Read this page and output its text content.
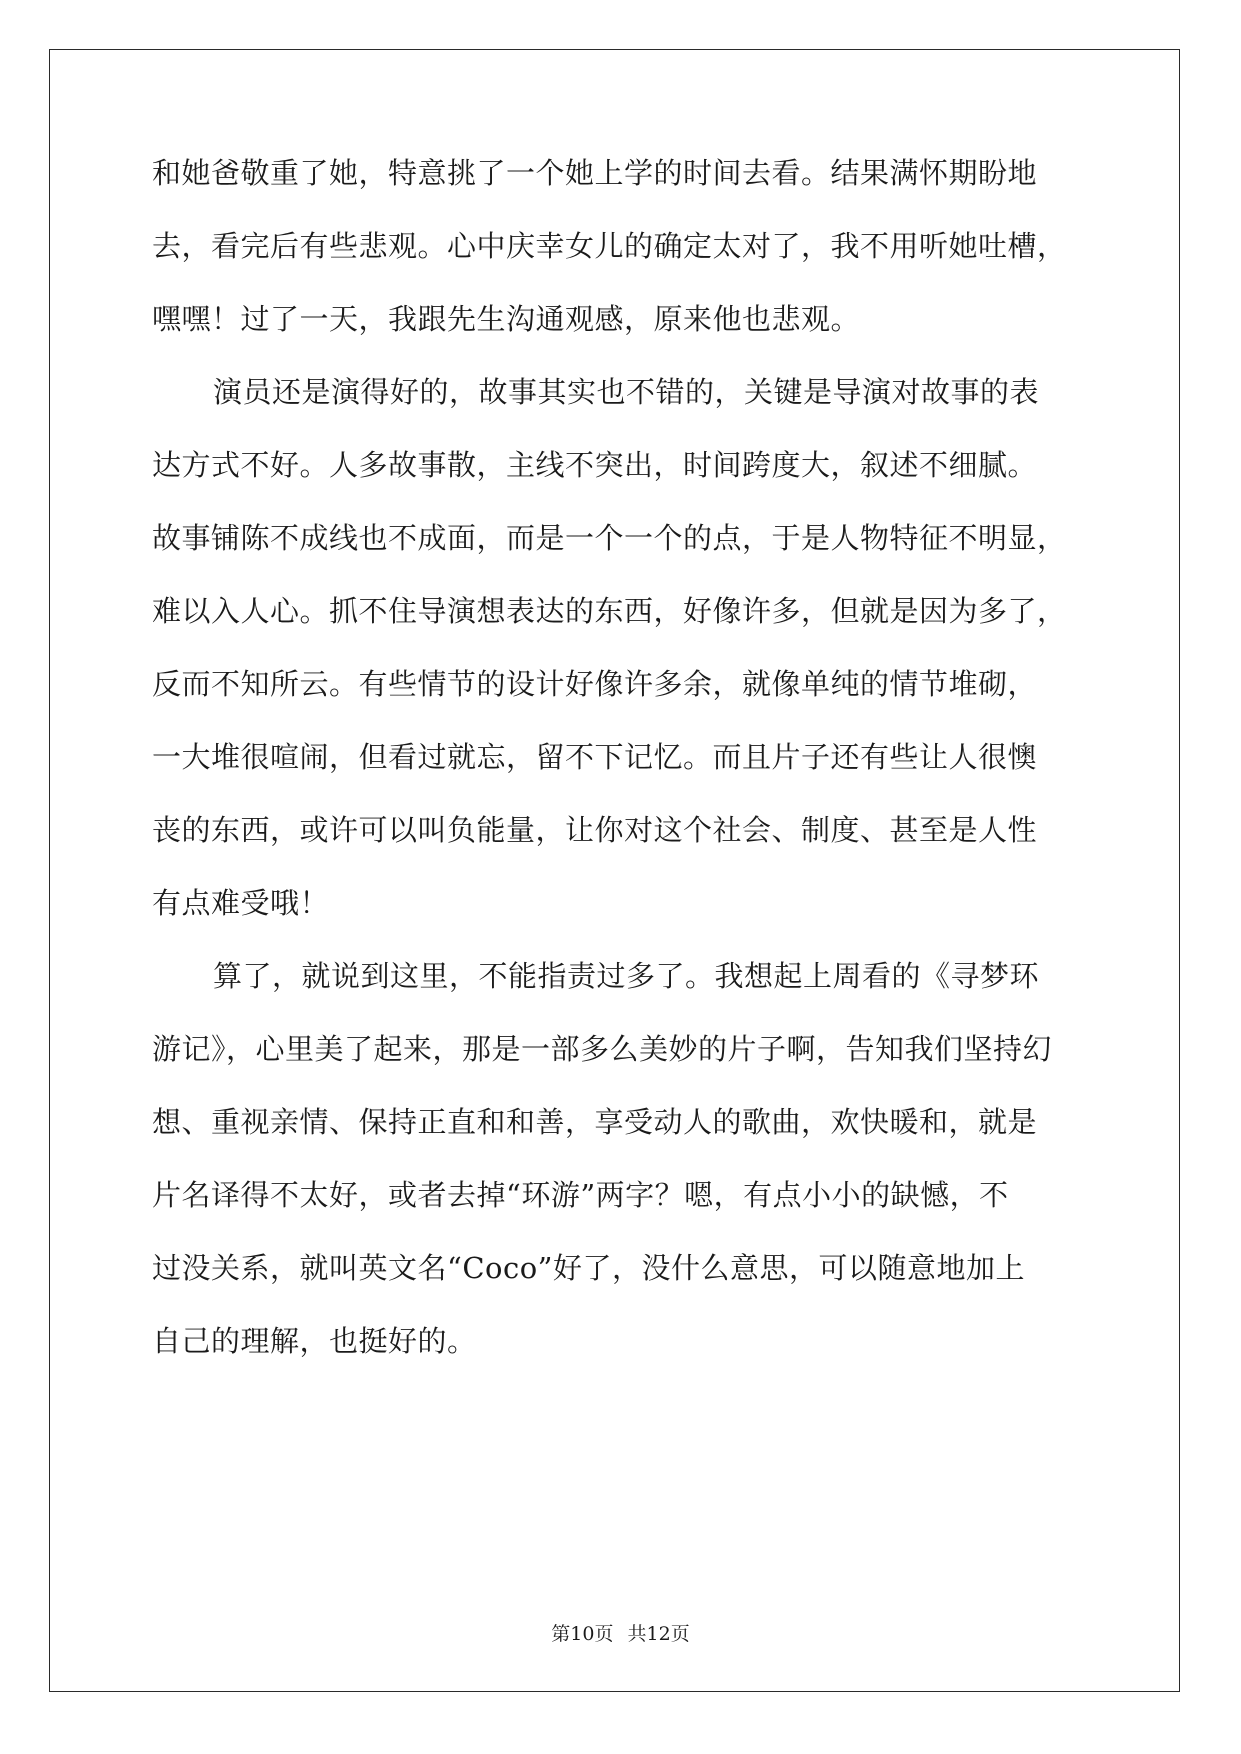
和她爸敬重了她，特意挑了一个她上学的时间去看。结果满怀期盼地
去，看完后有些悲观。心中庆幸女儿的确定太对了，我不用听她吐槽，
嘿嘿！过了一天，我跟先生沟通观感，原来他也悲观。
演员还是演得好的，故事其实也不错的，关键是导演对故事的表
达方式不好。人多故事散，主线不突出，时间跨度大，叙述不细腻。
故事铺陈不成线也不成面，而是一个一个的点，于是人物特征不明显，
难以入人心。抓不住导演想表达的东西，好像许多，但就是因为多了，
反而不知所云。有些情节的设计好像许多余，就像单纯的情节堆砌，
一大堆很喧闹，但看过就忘，留不下记忆。而且片子还有些让人很懊
丧的东西，或许可以叫负能量，让你对这个社会、制度、甚至是人性
有点难受哦！
算了，就说到这里，不能指责过多了。我想起上周看的《寻梦环
游记》，心里美了起来，那是一部多么美妙的片子啊，告知我们坚持幻
想、重视亲情、保持正直和和善，享受动人的歌曲，欢快暖和，就是
片名译得不太好，或者去掉“环游”两字？嗯，有点小小的缺憾，不
过没关系，就叫英文名“Coco”好了，没什么意思，可以随意地加上
自己的理解，也挺好的。
第10页 共12页
